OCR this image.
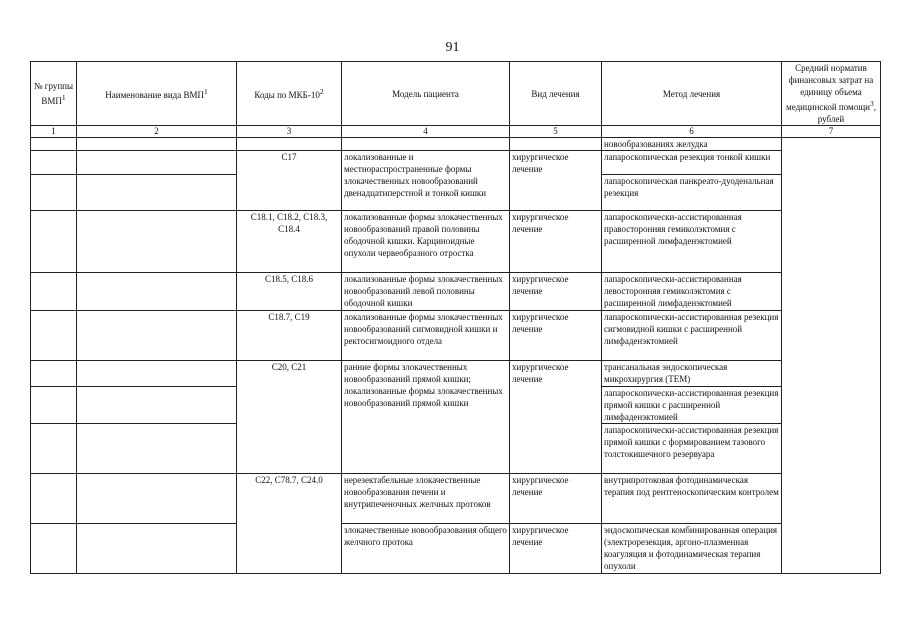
91
№ группы ВМП$^1$	Наименование вида ВМП$^1$	Коды по МКБ-$10^2$	Модель пациента	Вид лечения	Метод лечения	Средний норматив финансовых затрат на единицу объема медицинской помощи$^3$, рублей
1	2	3	4	5	6	7
					новообразованиях желудка	
		C17	локализованные и местнораспространенные формы злокачественных новообразований двенадцатиперстной и тонкой кишки	хирургическое лечение	лапароскопическая резекция тонкой кишки	
					лапароскопическая панкреато-дуоденальная резекция	
		C18.1, C18.2, C18.3, C18.4	локализованные формы злокачественных новообразований правой половины ободочной кишки. Карциноидные опухоли червеобразного отростка	хирургическое лечение	лапароскопически-ассистированная правосторонняя гемиколэктомия с расширенной лимфаденэктомией	
		C18.5, C18.6	локализованные формы злокачественных новообразований левой половины ободочной кишки	хирургическое лечение	лапароскопически-ассистированная левосторонняя гемиколэктомия с расширенной лимфаденэктомией	
		C18.7, C19	локализованные формы злокачественных новообразований сигмовидной кишки и ректосигмоидного отдела	хирургическое лечение	лапароскопически-ассистированная резекция сигмовидной кишки с расширенной лимфаденэктомией	
		C20, C21	ранние формы злокачественных новообразований прямой кишки; локализованные формы злокачественных новообразований прямой кишки	хирургическое лечение	трансанальная эндоскопическая микрохирургия (ТЕМ)	
					лапароскопически-ассистированная резекция прямой кишки с расширенной лимфаденэктомией	
					лапароскопически-ассистированная резекция прямой кишки с формированием тазового толстокишечного резервуара	
		C22, C78.7, C24.0	нерезектабельные злокачественные новообразования печени и внутрипеченочных желчных протоков	хирургическое лечение	внутрипротоковая фотодинамическая терапия под рентгеноскопическим контролем	
			злокачественные новообразования общего желчного протока	хирургическое лечение	эндоскопическая комбинированная операция (электрорезекция, аргоно-плазменная коагуляция и фотодинамическая терапия опухоли	
